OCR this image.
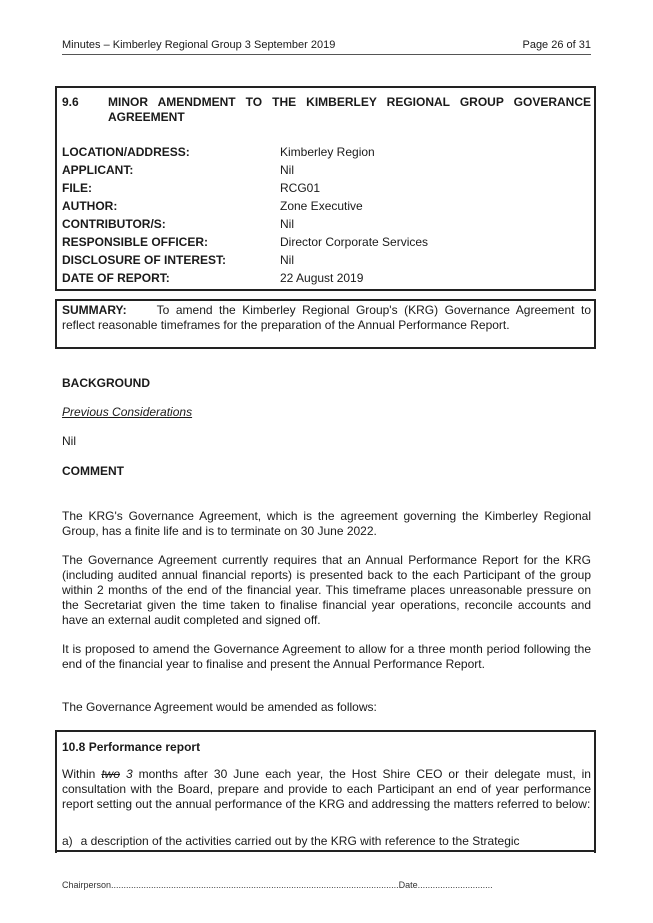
Minutes – Kimberley Regional Group 3 September 2019	Page 26 of 31
9.6 MINOR AMENDMENT TO THE KIMBERLEY REGIONAL GROUP GOVERANCE
AGREEMENT
LOCATION/ADDRESS:	Kimberley Region
APPLICANT:	Nil
FILE:	RCG01
AUTHOR:	Zone Executive
CONTRIBUTOR/S:	Nil
RESPONSIBLE OFFICER:	Director Corporate Services
DISCLOSURE OF INTEREST:	Nil
DATE OF REPORT:	22 August 2019
SUMMARY:	To amend the Kimberley Regional Group's (KRG) Governance Agreement to reflect reasonable timeframes for the preparation of the Annual Performance Report.
BACKGROUND
Previous Considerations
Nil
COMMENT
The KRG's Governance Agreement, which is the agreement governing the Kimberley Regional Group, has a finite life and is to terminate on 30 June 2022.
The Governance Agreement currently requires that an Annual Performance Report for the KRG (including audited annual financial reports) is presented back to the each Participant of the group within 2 months of the end of the financial year. This timeframe places unreasonable pressure on the Secretariat given the time taken to finalise financial year operations, reconcile accounts and have an external audit completed and signed off.
It is proposed to amend the Governance Agreement to allow for a three month period following the end of the financial year to finalise and present the Annual Performance Report.
The Governance Agreement would be amended as follows:
10.8 Performance report
Within two 3 months after 30 June each year, the Host Shire CEO or their delegate must, in consultation with the Board, prepare and provide to each Participant an end of year performance report setting out the annual performance of the KRG and addressing the matters referred to below:
a) a description of the activities carried out by the KRG with reference to the Strategic
Chairperson...................................................................................................................Date..............................
